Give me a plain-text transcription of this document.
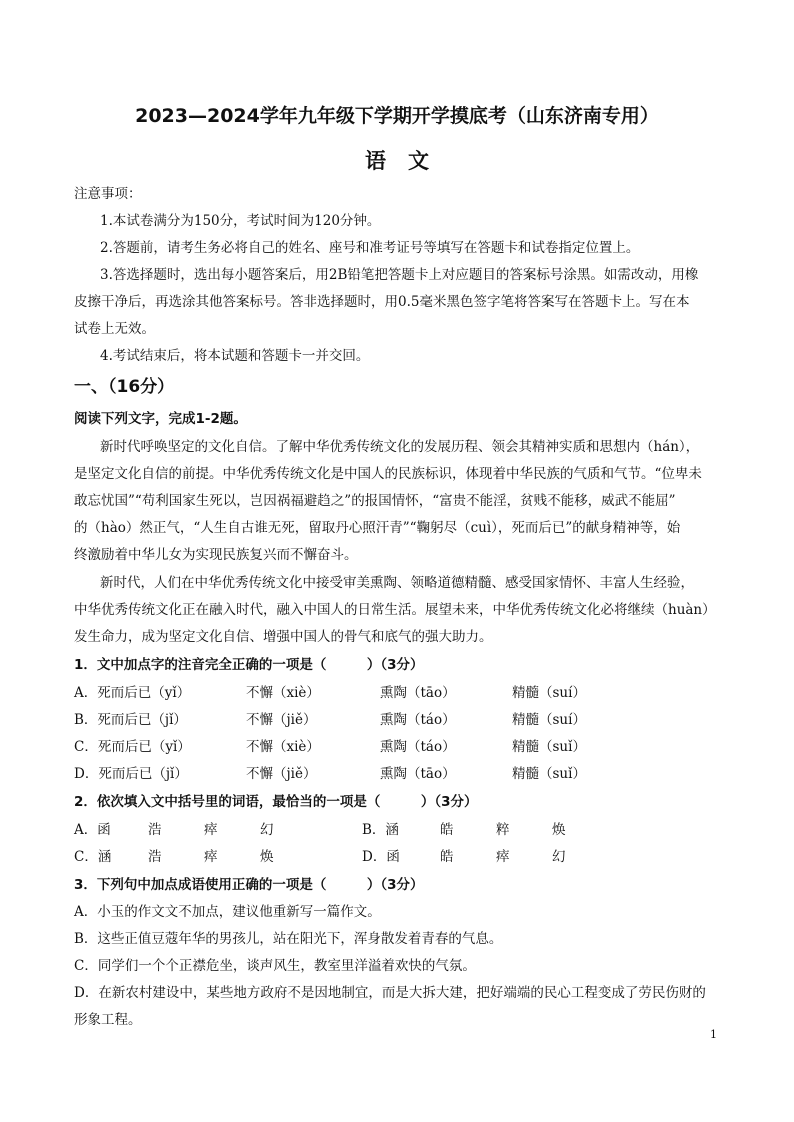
2023—2024学年九年级下学期开学摸底考（山东济南专用）
语文
注意事项：
1.本试卷满分为150分，考试时间为120分钟。
2.答题前，请考生务必将自己的姓名、座号和准考证号等填写在答题卡和试卷指定位置上。
3.答选择题时，选出每小题答案后，用2B铅笔把答题卡上对应题目的答案标号涂黑。如需改动，用橡
皮擦干净后，再选涂其他答案标号。答非选择题时，用0.5毫米黑色签字笔将答案写在答题卡上。写在本
试卷上无效。
4.考试结束后，将本试题和答题卡一并交回。
一、（16分）
阅读下列文字，完成1-2题。
新时代呼唤坚定的文化自信。了解中华优秀传统文化的发展历程、领会其精神实质和思想内（hán），
是坚定文化自信的前提。中华优秀传统文化是中国人的民族标识，体现着中华民族的气质和气节。“位卑未
敢忘忧国”“苟利国家生死以，岂因祸福避趋之”的报国情怀，“富贵不能淫，贫贱不能移，威武不能屈”
的（hào）然正气，“人生自古谁无死，留取丹心照汗青”“鞠躬尽（cuì），死而后已”的献身精神等，始
终激励着中华儿女为实现民族复兴而不懈奋斗。
新时代，人们在中华优秀传统文化中接受审美熏陶、领略道德精髓、感受国家情怀、丰富人生经验，
中华优秀传统文化正在融入时代，融入中国人的日常生活。展望未来，中华优秀传统文化必将继续（huàn）
发生命力，成为坚定文化自信、增强中国人的骨气和底气的强大助力。
1．文中加点字的注音完全正确的一项是（　　　）（3分）
A．死而后已（yǐ）	不懈（xiè）	熏陶（tāo）	精髓（suí）
B．死而后已（jǐ）	不懈（jiě）	熏陶（táo）	精髓（suí）
C．死而后已（yǐ）	不懈（xiè）	熏陶（táo）	精髓（suǐ）
D．死而后已（jǐ）	不懈（jiě）	熏陶（tāo）	精髓（suǐ）
2．依次填入文中括号里的词语，最恰当的一项是（　　　）（3分）
A．函	浩	瘁	幻	B．涵	皓	粹	焕
C．涵	浩	瘁	焕	D．函	皓	瘁	幻
3．下列句中加点成语使用正确的一项是（　　　）（3分）
A．小玉的作文文不加点，建议他重新写一篇作文。
B．这些正值豆蔻年华的男孩儿，站在阳光下，浑身散发着青春的气息。
C．同学们一个个正襟危坐，谈声风生，教室里洋溢着欢快的气氛。
D．在新农村建设中，某些地方政府不是因地制宜，而是大拆大建，把好端端的民心工程变成了劳民伤财的
形象工程。
1
